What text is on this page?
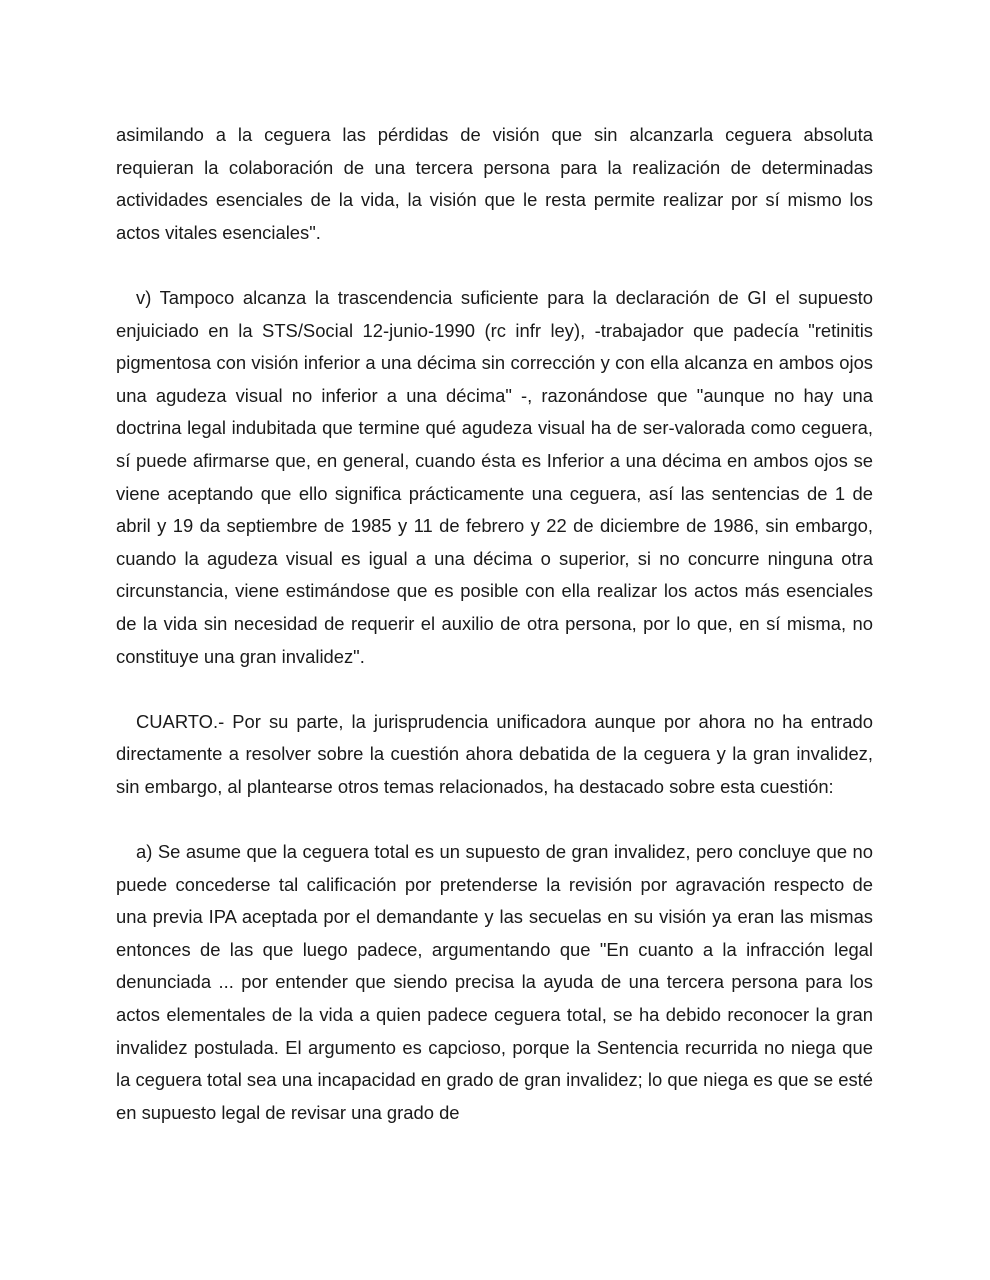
asimilando a la ceguera las pérdidas de visión que sin alcanzarla ceguera absoluta requieran la colaboración de una tercera persona para la realización de determinadas actividades esenciales de la vida, la visión que le resta permite realizar por sí mismo los actos vitales esenciales".

v) Tampoco alcanza la trascendencia suficiente para la declaración de GI el supuesto enjuiciado en la STS/Social 12-junio-1990 (rc infr ley), -trabajador que padecía "retinitis pigmentosa con visión inferior a una décima sin corrección y con ella alcanza en ambos ojos una agudeza visual no inferior a una décima" -, razonándose que "aunque no hay una doctrina legal indubitada que termine qué agudeza visual ha de ser-valorada como ceguera, sí puede afirmarse que, en general, cuando ésta es Inferior a una décima en ambos ojos se viene aceptando que ello significa prácticamente una ceguera, así las sentencias de 1 de abril y 19 da septiembre de 1985 y 11 de febrero y 22 de diciembre de 1986, sin embargo, cuando la agudeza visual es igual a una décima o superior, si no concurre ninguna otra circunstancia, viene estimándose que es posible con ella realizar los actos más esenciales de la vida sin necesidad de requerir el auxilio de otra persona, por lo que, en sí misma, no constituye una gran invalidez".

CUARTO.- Por su parte, la jurisprudencia unificadora aunque por ahora no ha entrado directamente a resolver sobre la cuestión ahora debatida de la ceguera y la gran invalidez, sin embargo, al plantearse otros temas relacionados, ha destacado sobre esta cuestión:

a) Se asume que la ceguera total es un supuesto de gran invalidez, pero concluye que no puede concederse tal calificación por pretenderse la revisión por agravación respecto de una previa IPA aceptada por el demandante y las secuelas en su visión ya eran las mismas entonces de las que luego padece, argumentando que "En cuanto a la infracción legal denunciada ... por entender que siendo precisa la ayuda de una tercera persona para los actos elementales de la vida a quien padece ceguera total, se ha debido reconocer la gran invalidez postulada. El argumento es capcioso, porque la Sentencia recurrida no niega que la ceguera total sea una incapacidad en grado de gran invalidez; lo que niega es que se esté en supuesto legal de revisar una grado de
